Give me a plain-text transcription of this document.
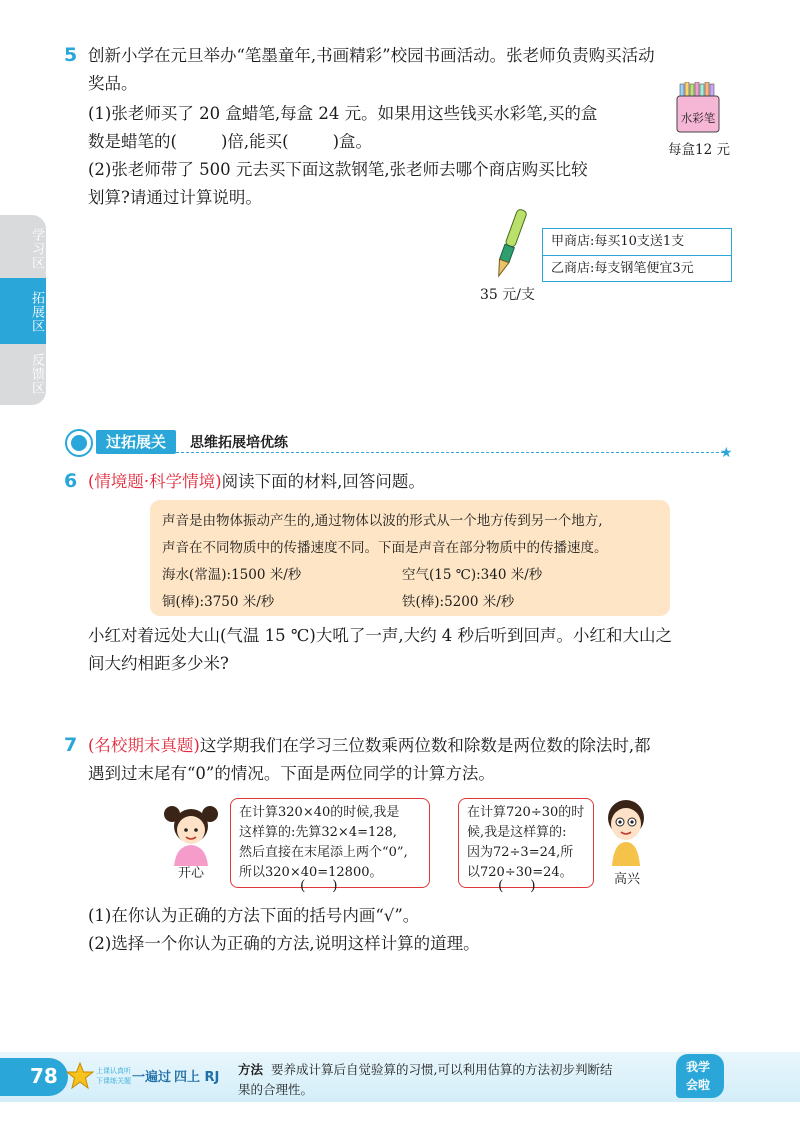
学习区
拓展区
反馈区
5 创新小学在元旦举办“笔墨童年,书画精彩”校园书画活动。张老师负责购买活动
奖品。
(1)张老师买了 20 盒蜡笔,每盒 24 元。如果用这些钱买水彩笔,买的盒
数是蜡笔的(	)倍,能买(	)盒。
(2)张老师带了 500 元去买下面这款钢笔,张老师去哪个商店购买比较
划算?请通过计算说明。
水彩笔
每盒12 元
35 元/支
甲商店:每买10支送1支
乙商店:每支钢笔便宜3元
过拓展关	思维拓展培优练
★
6 (情境题·科学情境)阅读下面的材料,回答问题。
声音是由物体振动产生的,通过物体以波的形式从一个地方传到另一个地方,
声音在不同物质中的传播速度不同。下面是声音在部分物质中的传播速度。
海水(常温):1500 米/秒	空气(15 ℃):340 米/秒
铜(棒):3750 米/秒	铁(棒):5200 米/秒
小红对着远处大山(气温 15 ℃)大吼了一声,大约 4 秒后听到回声。小红和大山之
间大约相距多少米?
7 (名校期末真题)这学期我们在学习三位数乘两位数和除数是两位数的除法时,都
遇到过末尾有“0”的情况。下面是两位同学的计算方法。
开心
在计算320×40的时候,我是
这样算的:先算32×4=128,
然后直接在末尾添上两个“0”,
所以320×40=12800。
(      )
在计算720÷30的时
候,我是这样算的:
因为72÷3=24,所
以720÷30=24。
(      )	高兴
(1)在你认为正确的方法下面的括号内画“√”。
(2)选择一个你认为正确的方法,说明这样计算的道理。
78	上课认真听
下课练关题 一遍过 四上 RJ
方法 要养成计算后自觉验算的习惯,可以利用估算的方法初步判断结
果的合理性。
我学
会啦
